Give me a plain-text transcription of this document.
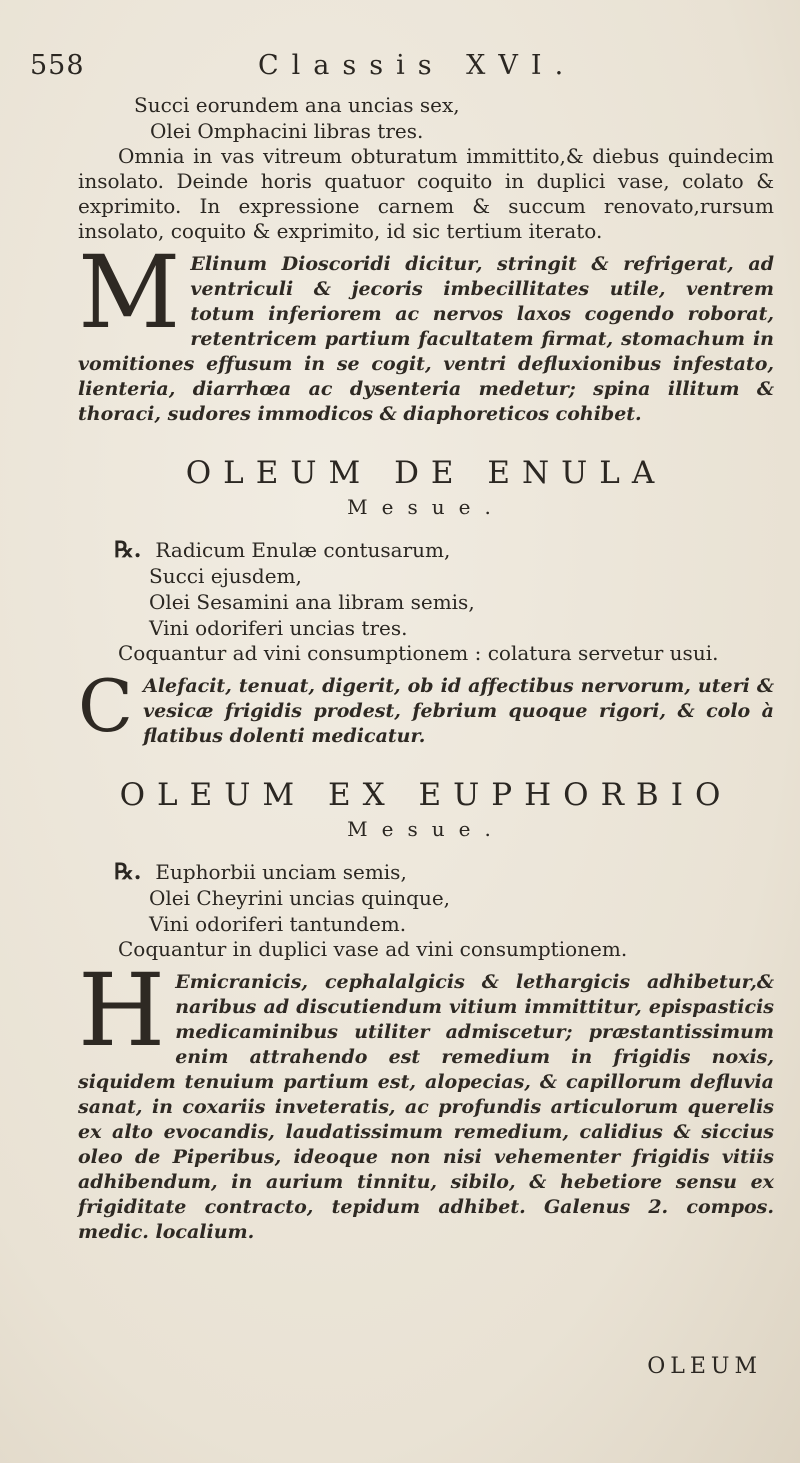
558	Classis XVI.

Succi eorundem ana uncias sex,

Olei Omphacini libras tres.

Omnia in vas vitreum obturatum immittito,& diebus quindecim insolato. Deinde horis quatuor coquito in duplici vase, colato & exprimito. In expressione carnem & succum renovato,rursum insolato, coquito & exprimito, id sic tertium iterato.

M Elinum Dioscoridi dicitur, stringit & refrigerat, ad ventriculi & jecoris imbecillitates utile, ventrem totum inferiorem ac nervos laxos cogendo roborat, retentricem partium facultatem firmat, stomachum in vomitiones effusum in se cogit, ventri defluxionibus infestato, lienteria, diarrhœa ac dysenteria medetur; spina illitum & thoraci, sudores immodicos & diaphoreticos cohibet.

OLEUM DE ENULA
Mesue.
℞. Radicum Enulæ contusarum,
Succi ejusdem,
Olei Sesamini ana libram semis,
Vini odoriferi uncias tres.

Coquantur ad vini consumptionem : colatura servetur usui.

C Alefacit, tenuat, digerit, ob id affectibus nervorum, uteri & vesicæ frigidis prodest, febrium quoque rigori, & colo à flatibus dolenti medicatur.

OLEUM EX EUPHORBIO
Mesue.
℞. Euphorbii unciam semis,
Olei Cheyrini uncias quinque,
Vini odoriferi tantundem.

Coquantur in duplici vase ad vini consumptionem.

H Emicranicis, cephalalgicis & lethargicis adhibetur,& naribus ad discutiendum vitium immittitur, epispasticis medicaminibus utiliter admiscetur; præstantissimum enim attrahendo est remedium in frigidis noxis, siquidem tenuium partium est, alopecias, & capillorum defluvia sanat, in coxariis inveteratis, ac profundis articulorum querelis ex alto evocandis, laudatissimum remedium, calidius & siccius oleo de Piperibus, ideoque non nisi vehementer frigidis vitiis adhibendum, in aurium tinnitu, sibilo, & hebetiore sensu ex frigiditate contracto, tepidum adhibet. Galenus 2. compos. medic. localium.

OLEUM
